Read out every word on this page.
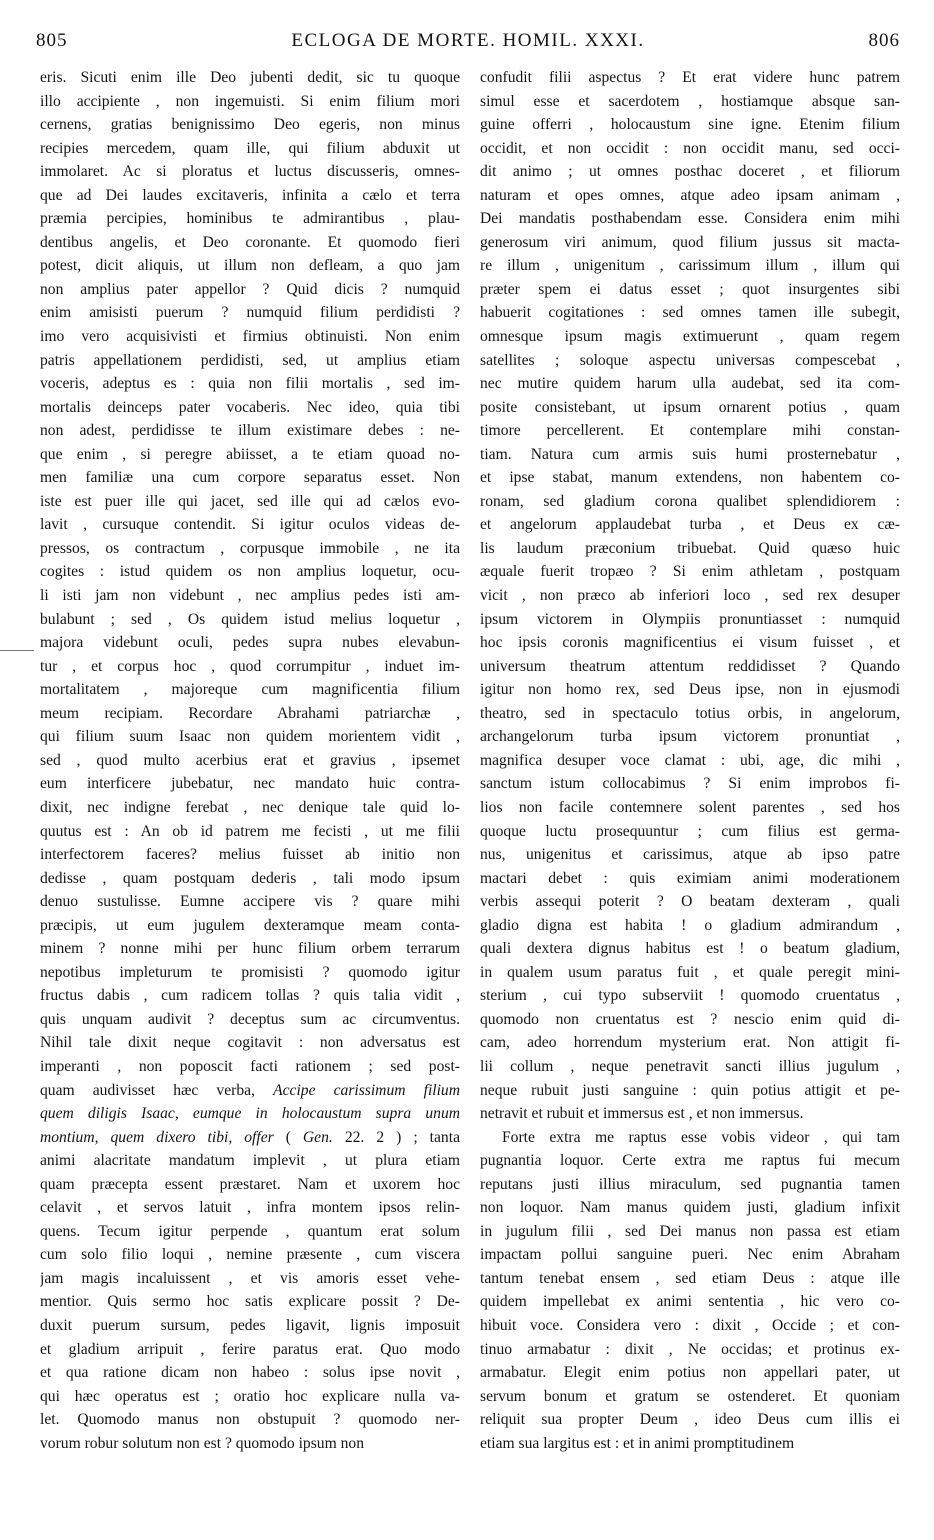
805	ECLOGA DE MORTE. HOMIL. XXXI.	806
eris. Sicuti enim ille Deo jubenti dedit, sic tu quoque
illo accipiente , non ingemuisti. Si enim filium mori
cernens, gratias benignissimo Deo egeris, non minus
recipies mercedem, quam ille, qui filium abduxit ut
immolaret. Ac si ploratus et luctus discusseris, omnes-
que ad Dei laudes excitaveris, infinita a cælo et terra
præmia percipies, hominibus te admirantibus , plau-
dentibus angelis, et Deo coronante. Et quomodo fieri
potest, dicit aliquis, ut illum non defleam, a quo jam
non amplius pater appellor ? Quid dicis ? numquid
enim amisisti puerum ? numquid filium perdidisti ?
imo vero acquisivisti et firmius obtinuisti. Non enim
patris appellationem perdidisti, sed, ut amplius etiam
voceris, adeptus es : quia non filii mortalis , sed im-
mortalis deinceps pater vocaberis. Nec ideo, quia tibi
non adest, perdidisse te illum existimare debes : ne-
que enim , si peregre abiisset, a te etiam quoad no-
men familiæ una cum corpore separatus esset. Non
iste est puer ille qui jacet, sed ille qui ad cælos evo-
lavit , cursuque contendit. Si igitur oculos videas de-
pressos, os contractum , corpusque immobile , ne ita
cogites : istud quidem os non amplius loquetur, ocu-
li isti jam non videbunt , nec amplius pedes isti am-
bulabunt ; sed , Os quidem istud melius loquetur ,
majora videbunt oculi, pedes supra nubes elevabun-
tur , et corpus hoc , quod corrumpitur , induet im-
mortalitatem , majoreque cum magnificentia filium
meum recipiam. Recordare Abrahami patriarchæ ,
qui filium suum Isaac non quidem morientem vidit ,
sed , quod multo acerbius erat et gravius , ipsemet
eum interficere jubebatur, nec mandato huic contra-
dixit, nec indigne ferebat , nec denique tale quid lo-
quutus est : An ob id patrem me fecisti , ut me filii
interfectorem faceres? melius fuisset ab initio non
dedisse , quam postquam dederis , tali modo ipsum
denuo sustulisse. Eumne accipere vis ? quare mihi
præcipis, ut eum jugulem dexteramque meam conta-
minem ? nonne mihi per hunc filium orbem terrarum
nepotibus impleturum te promisisti ? quomodo igitur
fructus dabis , cum radicem tollas ? quis talia vidit ,
quis unquam audivit ? deceptus sum ac circumventus.
Nihil tale dixit neque cogitavit : non adversatus est
imperanti , non poposcit facti rationem ; sed post-
quam audivisset hæc verba, Accipe carissimum filium
quem diligis Isaac, eumque in holocaustum supra unum
montium, quem dixero tibi, offer ( Gen. 22. 2 ) ; tanta
animi alacritate mandatum implevit , ut plura etiam
quam præcepta essent præstaret. Nam et uxorem hoc
celavit , et servos latuit , infra montem ipsos relin-
quens. Tecum igitur perpende , quantum erat solum
cum solo filio loqui , nemine præsente , cum viscera
jam magis incaluissent , et vis amoris esset vehe-
mentior. Quis sermo hoc satis explicare possit ? De-
duxit puerum sursum, pedes ligavit, lignis imposuit
et gladium arripuit , ferire paratus erat. Quo modo
et qua ratione dicam non habeo : solus ipse novit ,
qui hæc operatus est ; oratio hoc explicare nulla va-
let. Quomodo manus non obstupuit ? quomodo ner-
vorum robur solutum non est ? quomodo ipsum non
confudit filii aspectus ? Et erat videre hunc patrem
simul esse et sacerdotem , hostiamque absque san-
guine offerri , holocaustum sine igne. Etenim filium
occidit, et non occidit : non occidit manu, sed occi-
dit animo ; ut omnes posthac doceret , et filiorum
naturam et opes omnes, atque adeo ipsam animam ,
Dei mandatis posthabendam esse. Considera enim mihi
generosum viri animum, quod filium jussus sit macta-
re illum , unigenitum , carissimum illum , illum qui
præter spem ei datus esset ; quot insurgentes sibi
habuerit cogitationes : sed omnes tamen ille subegit,
omnesque ipsum magis extimuerunt , quam regem
satellites ; soloque aspectu universas compescebat ,
nec mutire quidem harum ulla audebat, sed ita com-
posite consistebant, ut ipsum ornarent potius , quam
timore percellerent. Et contemplare mihi constan-
tiam. Natura cum armis suis humi prosternebatur ,
et ipse stabat, manum extendens, non habentem co-
ronam, sed gladium corona qualibet splendidiorem :
et angelorum applaudebat turba , et Deus ex cæ-
lis laudum præconium tribuebat. Quid quæso huic
æquale fuerit tropæo ? Si enim athletam , postquam
vicit , non præco ab inferiori loco , sed rex desuper
ipsum victorem in Olympiis pronuntiasset : numquid
hoc ipsis coronis magnificentius ei visum fuisset , et
universum theatrum attentum reddidisset ? Quando
igitur non homo rex, sed Deus ipse, non in ejusmodi
theatro, sed in spectaculo totius orbis, in angelorum,
archangelorum turba ipsum victorem pronuntiat ,
magnifica desuper voce clamat : ubi, age, dic mihi ,
sanctum istum collocabimus ? Si enim improbos fi-
lios non facile contemnere solent parentes , sed hos
quoque luctu prosequuntur ; cum filius est germa-
nus, unigenitus et carissimus, atque ab ipso patre
mactari debet : quis eximiam animi moderationem
verbis assequi poterit ? O beatam dexteram , quali
gladio digna est habita ! o gladium admirandum ,
quali dextera dignus habitus est ! o beatum gladium,
in qualem usum paratus fuit , et quale peregit mini-
sterium , cui typo subserviit ! quomodo cruentatus ,
quomodo non cruentatus est ? nescio enim quid di-
cam, adeo horrendum mysterium erat. Non attigit fi-
lii collum , neque penetravit sancti illius jugulum ,
neque rubuit justi sanguine : quin potius attigit et pe-
netravit et rubuit et immersus est , et non immersus.
Forte extra me raptus esse vobis videor , qui tam
pugnantia loquor. Certe extra me raptus fui mecum
reputans justi illius miraculum, sed pugnantia tamen
non loquor. Nam manus quidem justi, gladium infixit
in jugulum filii , sed Dei manus non passa est etiam
impactam pollui sanguine pueri. Nec enim Abraham
tantum tenebat ensem , sed etiam Deus : atque ille
quidem impellebat ex animi sententia , hic vero co-
hibuit voce. Considera vero : dixit , Occide ; et con-
tinuo armabatur : dixit , Ne occidas; et protinus ex-
armabatur. Elegit enim potius non appellari pater, ut
servum bonum et gratum se ostenderet. Et quoniam
reliquit sua propter Deum , ideo Deus cum illis ei
etiam sua largitus est : et in animi promptitudinem
